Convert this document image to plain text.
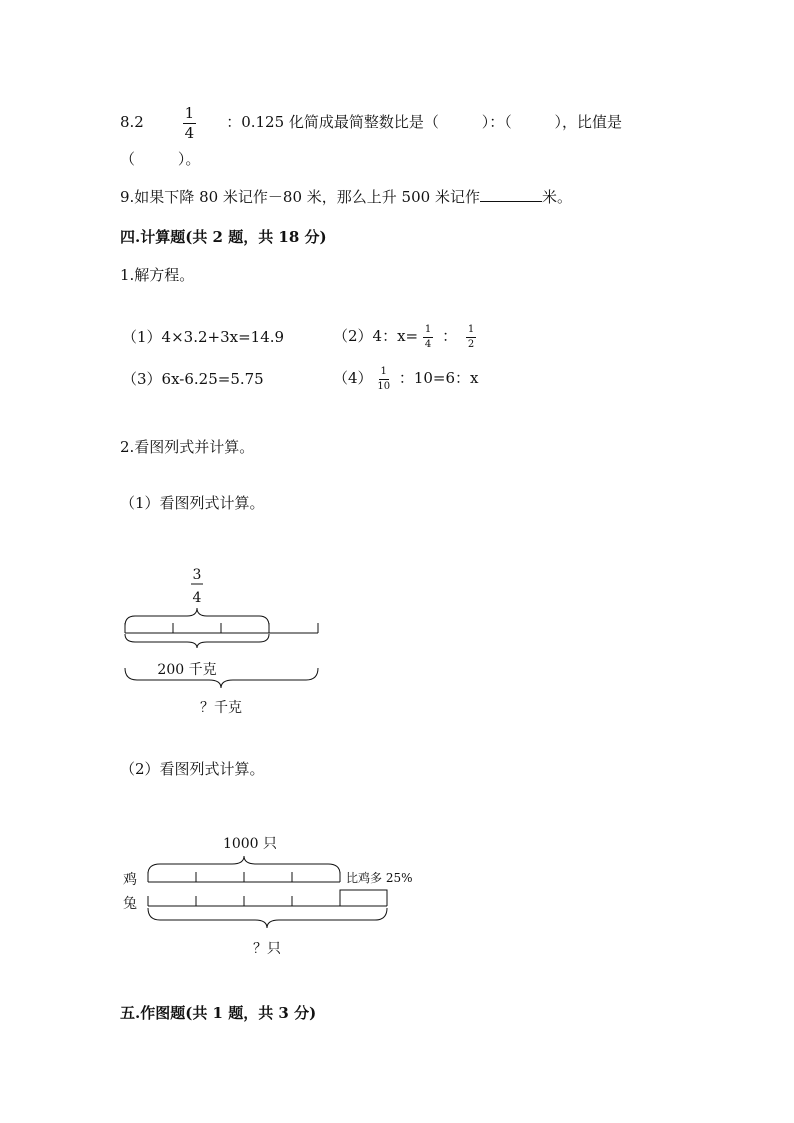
8.2	$\frac{1}{4}$ ：0.125 化简成最简整数比是（	）：（	），比值是
（         ）。
9.如果下降 80 米记作－80 米，那么上升 500 米记作	米。
四.计算题(共 2 题，共 18 分)
1.解方程。
（1）4×3.2+3x=14.9	（2）4：$x= \frac{1}{4}$ ： $\frac{1}{2}$
（3）6x-6.25=5.75	$(4) \frac{1}{10}$ ：10=6：x
2.看图列式并计算。
（1）看图列式计算。
3
4
200 千克
？千克
（2）看图列式计算。
1000 只
鸡
兔
比鸡多 25%
？只
五.作图题(共 1 题，共 3 分)
